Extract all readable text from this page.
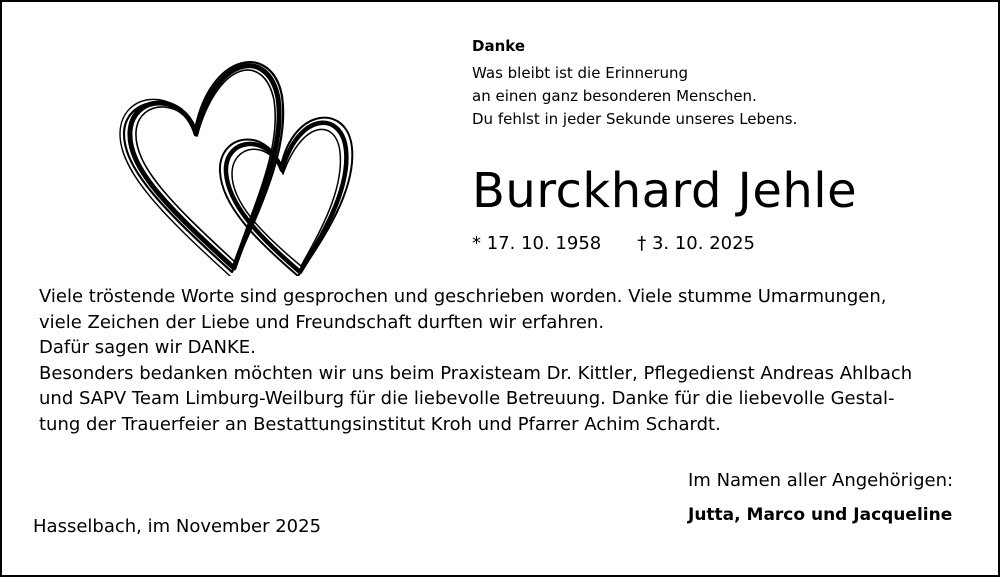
Danke
Was bleibt ist die Erinnerung
an einen ganz besonderen Menschen.
Du fehlst in jeder Sekunde unseres Lebens.
Burckhard Jehle
* 17. 10. 1958 † 3. 10. 2025
Viele tröstende Worte sind gesprochen und geschrieben worden. Viele stumme Umarmungen,
viele Zeichen der Liebe und Freundschaft durften wir erfahren.
Dafür sagen wir DANKE.
Besonders bedanken möchten wir uns beim Praxisteam Dr. Kittler, Pflegedienst Andreas Ahlbach
und SAPV Team Limburg-Weilburg für die liebevolle Betreuung. Danke für die liebevolle Gestal-
tung der Trauerfeier an Bestattungsinstitut Kroh und Pfarrer Achim Schardt.
Im Namen aller Angehörigen:
Jutta, Marco und Jacqueline
Hasselbach, im November 2025
